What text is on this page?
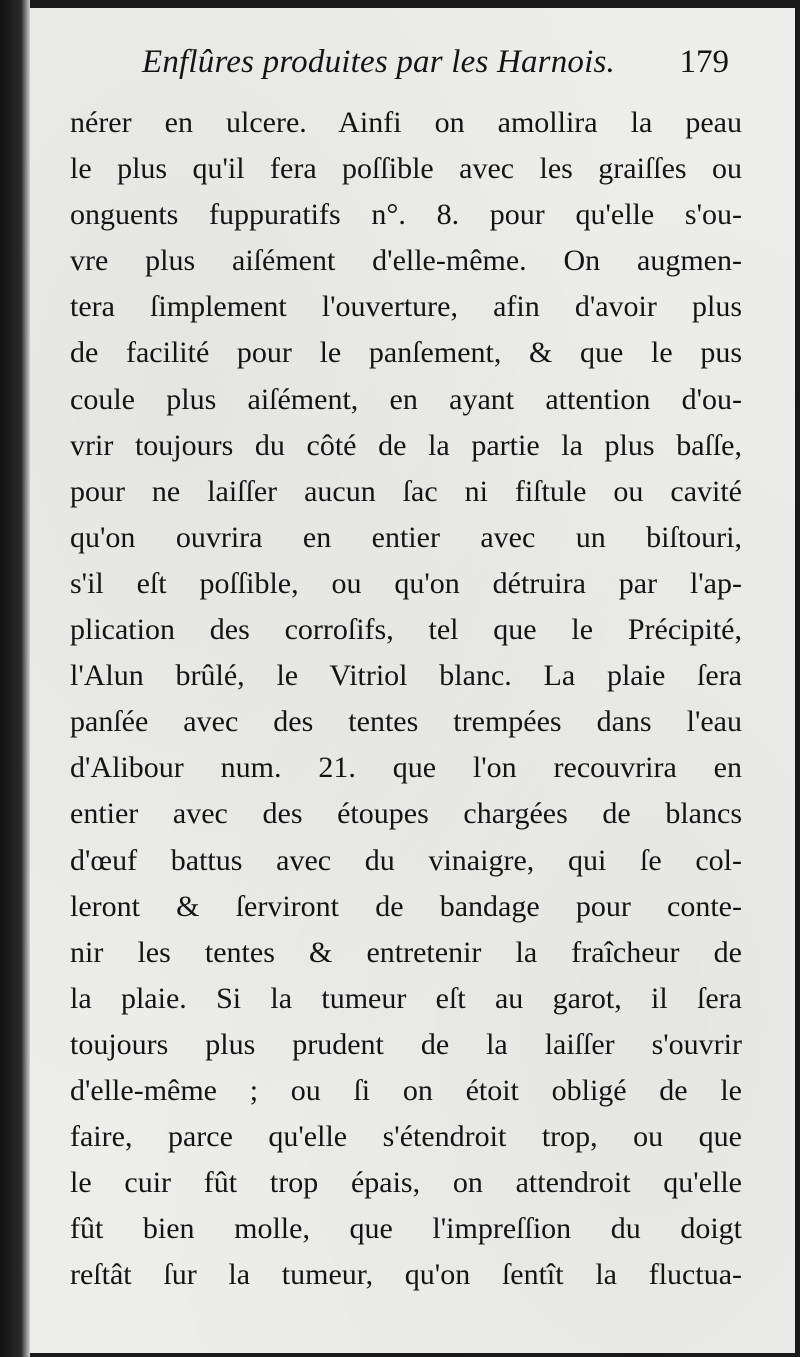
Enflûres produites par les Harnois. 179
nérer en ulcere. Ainfi on amollira la peau
le plus qu'il fera poſſible avec les graiſſes ou
onguents fuppuratifs n°. 8. pour qu'elle s'ou-
vre plus aiſément d'elle-même. On augmen-
tera ſimplement l'ouverture, afin d'avoir plus
de facilité pour le panſement, & que le pus
coule plus aiſément, en ayant attention d'ou-
vrir toujours du côté de la partie la plus baſſe,
pour ne laiſſer aucun ſac ni fiſtule ou cavité
qu'on ouvrira en entier avec un biſtouri,
s'il eſt poſſible, ou qu'on détruira par l'ap-
plication des corroſifs, tel que le Précipité,
l'Alun brûlé, le Vitriol blanc. La plaie ſera
panſée avec des tentes trempées dans l'eau
d'Alibour num. 21. que l'on recouvrira en
entier avec des étoupes chargées de blancs
d'œuf battus avec du vinaigre, qui ſe col-
leront & ſerviront de bandage pour conte-
nir les tentes & entretenir la fraîcheur de
la plaie. Si la tumeur eſt au garot, il ſera
toujours plus prudent de la laiſſer s'ouvrir
d'elle-même ; ou ſi on étoit obligé de le
faire, parce qu'elle s'étendroit trop, ou que
le cuir fût trop épais, on attendroit qu'elle
fût bien molle, que l'impreſſion du doigt
reſtât ſur la tumeur, qu'on ſentît la fluctua-
